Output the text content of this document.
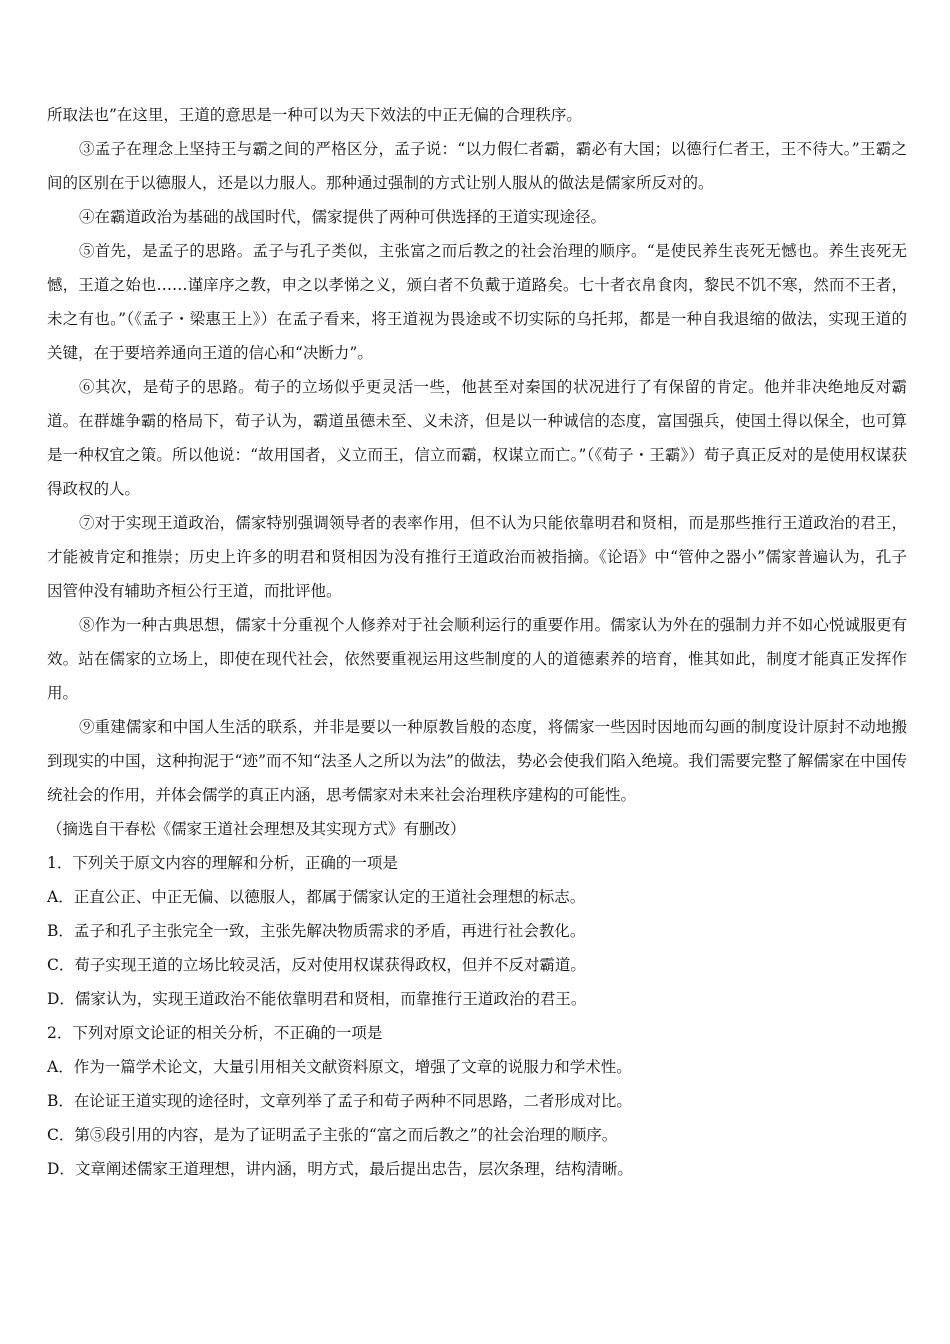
所取法也”在这里，王道的意思是一种可以为天下效法的中正无偏的合理秩序。

③孟子在理念上坚持王与霸之间的严格区分，孟子说：“以力假仁者霸，霸必有大国；以德行仁者王，王不待大。”王霸之间的区别在于以德服人，还是以力服人。那种通过强制的方式让别人服从的做法是儒家所反对的。

④在霸道政治为基础的战国时代，儒家提供了两种可供选择的王道实现途径。

⑤首先，是孟子的思路。孟子与孔子类似，主张富之而后教之的社会治理的顺序。“是使民养生丧死无憾也。养生丧死无憾，王道之始也……谨庠序之教，申之以孝悌之义，颁白者不负戴于道路矣。七十者衣帛食肉，黎民不饥不寒，然而不王者，未之有也。”（《孟子・梁惠王上》）在孟子看来，将王道视为畏途或不切实际的乌托邦，都是一种自我退缩的做法，实现王道的关键，在于要培养通向王道的信心和“决断力”。

⑥其次，是荀子的思路。荀子的立场似乎更灵活一些，他甚至对秦国的状况进行了有保留的肯定。他并非决绝地反对霸道。在群雄争霸的格局下，荀子认为，霸道虽德未至、义未济，但是以一种诚信的态度，富国强兵，使国土得以保全，也可算是一种权宜之策。所以他说：“故用国者，义立而王，信立而霸，权谋立而亡。”（《荀子・王霸》）荀子真正反对的是使用权谋获得政权的人。

⑦对于实现王道政治，儒家特别强调领导者的表率作用，但不认为只能依靠明君和贤相，而是那些推行王道政治的君王，才能被肯定和推崇；历史上许多的明君和贤相因为没有推行王道政治而被指摘。《论语》中“管仲之器小”儒家普遍认为，孔子因管仲没有辅助齐桓公行王道，而批评他。

⑧作为一种古典思想，儒家十分重视个人修养对于社会顺利运行的重要作用。儒家认为外在的强制力并不如心悦诚服更有效。站在儒家的立场上，即使在现代社会，依然要重视运用这些制度的人的道德素养的培育，惟其如此，制度才能真正发挥作用。

⑨重建儒家和中国人生活的联系，并非是要以一种原教旨般的态度，将儒家一些因时因地而勾画的制度设计原封不动地搬到现实的中国，这种拘泥于“迹”而不知“法圣人之所以为法”的做法，势必会使我们陷入绝境。我们需要完整了解儒家在中国传统社会的作用，并体会儒学的真正内涵，思考儒家对未来社会治理秩序建构的可能性。

（摘选自干春松《儒家王道社会理想及其实现方式》有删改）

1．下列关于原文内容的理解和分析，正确的一项是

A．正直公正、中正无偏、以德服人，都属于儒家认定的王道社会理想的标志。

B．孟子和孔子主张完全一致，主张先解决物质需求的矛盾，再进行社会教化。

C．荀子实现王道的立场比较灵活，反对使用权谋获得政权，但并不反对霸道。

D．儒家认为，实现王道政治不能依靠明君和贤相，而靠推行王道政治的君王。

2．下列对原文论证的相关分析，不正确的一项是

A．作为一篇学术论文，大量引用相关文献资料原文，增强了文章的说服力和学术性。

B．在论证王道实现的途径时，文章列举了孟子和荀子两种不同思路，二者形成对比。

C．第⑤段引用的内容，是为了证明孟子主张的“富之而后教之”的社会治理的顺序。

D．文章阐述儒家王道理想，讲内涵，明方式，最后提出忠告，层次条理，结构清晰。
